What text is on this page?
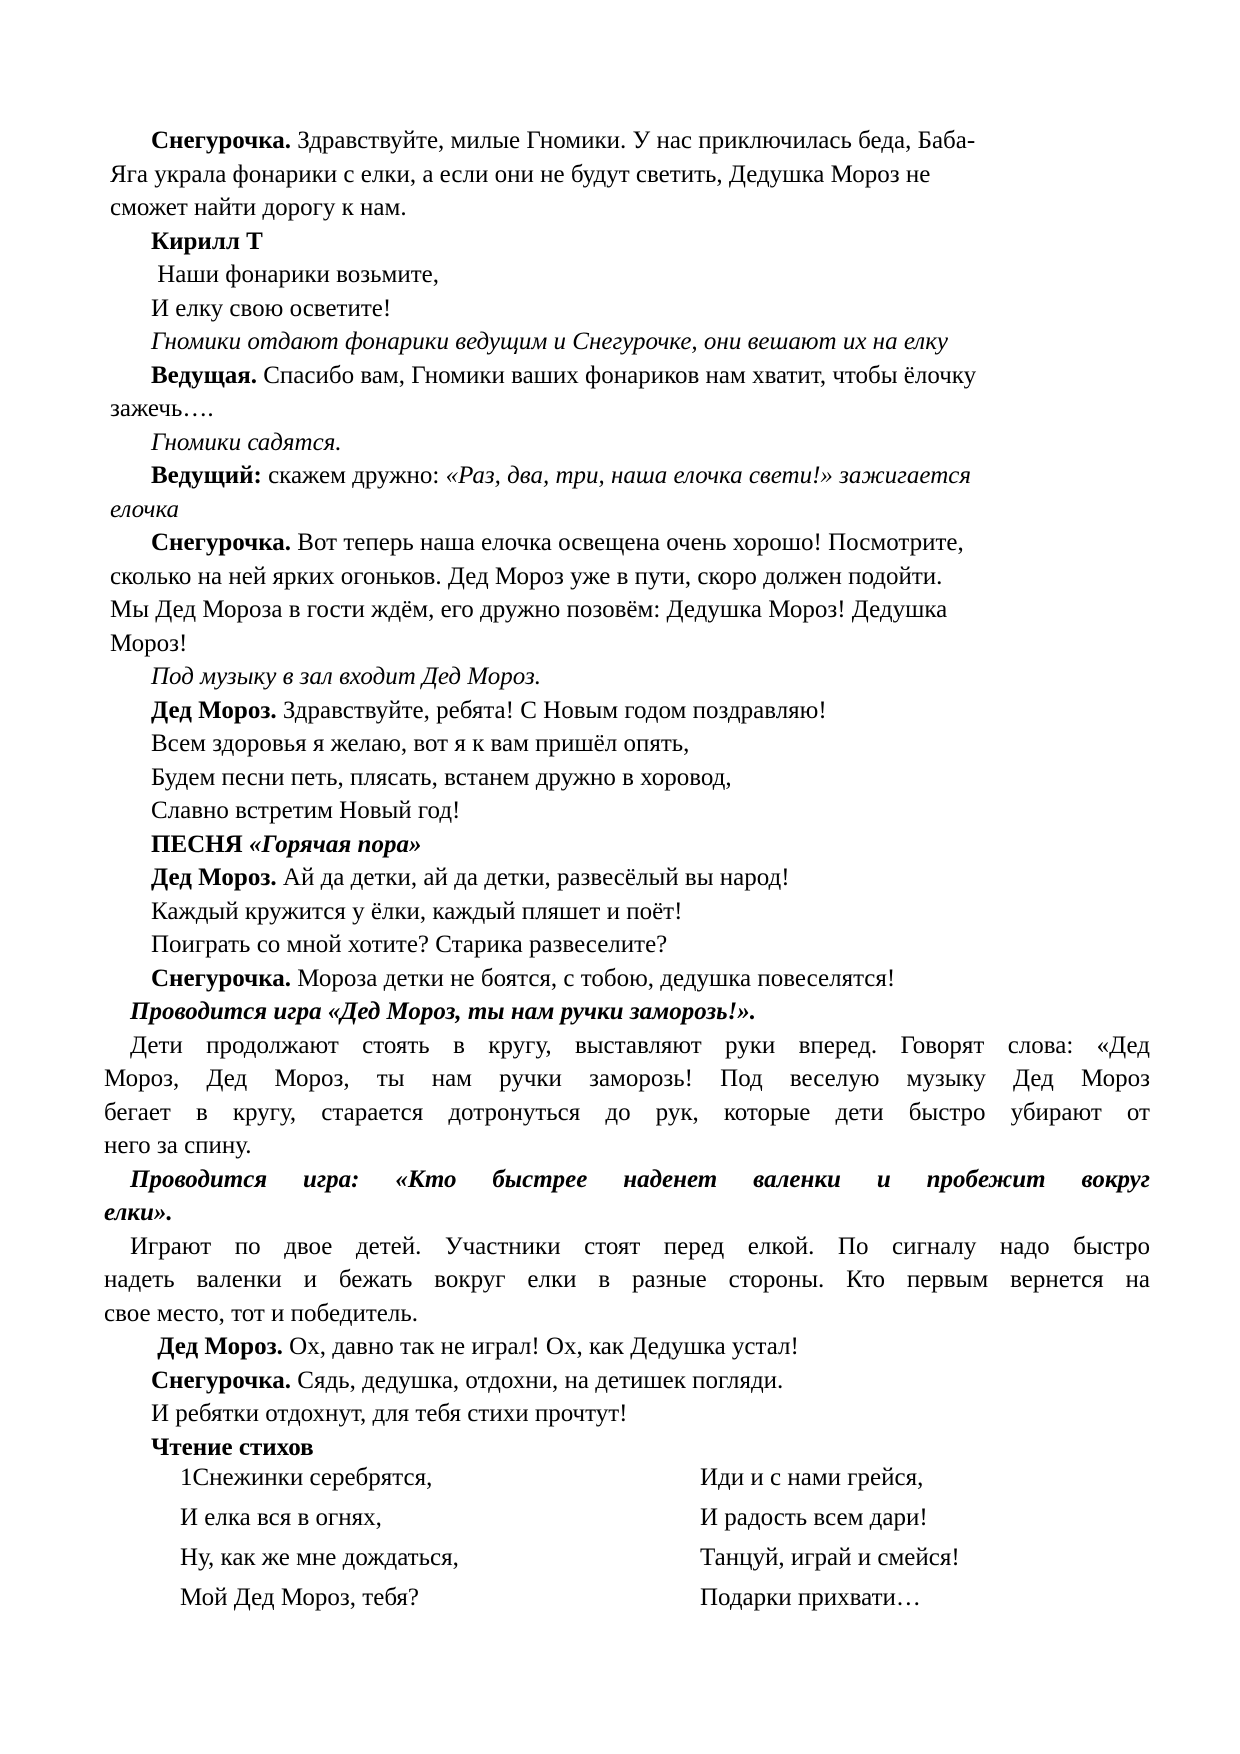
Снегурочка. Здравствуйте, милые Гномики. У нас приключилась беда, Баба-

Яга украла фонарики с елки, а если они не будут светить, Дедушка Мороз не

сможет найти дорогу к нам.

Кирилл Т

Наши фонарики возьмите,

И елку свою осветите!

Гномики отдают фонарики ведущим и Снегурочке, они вешают их на елку

Ведущая. Спасибо вам, Гномики ваших фонариков нам хватит, чтобы ёлочку

зажечь….

Гномики садятся.

Ведущий: скажем дружно: «Раз, два, три, наша елочка свети!» зажигается

елочка

Снегурочка. Вот теперь наша елочка освещена очень хорошо! Посмотрите,

сколько на ней ярких огоньков. Дед Мороз уже в пути, скоро должен подойти.

Мы Дед Мороза в гости ждём, его дружно позовём: Дедушка Мороз! Дедушка

Мороз!

Под музыку в зал входит Дед Мороз.

Дед Мороз. Здравствуйте, ребята! С Новым годом поздравляю!

Всем здоровья я желаю, вот я к вам пришёл опять,

Будем песни петь, плясать, встанем дружно в хоровод,

Славно встретим Новый год!

ПЕСНЯ «Горячая пора»

Дед Мороз. Ай да детки, ай да детки, развесёлый вы народ!

Каждый кружится у ёлки, каждый пляшет и поёт!

Поиграть со мной хотите? Старика развеселите?

Снегурочка. Мороза детки не боятся, с тобою, дедушка повеселятся!

Проводится игра «Дед Мороз, ты нам ручки заморозь!».

Дети продолжают стоять в кругу, выставляют руки вперед. Говорят слова: «Дед

Мороз, Дед Мороз, ты нам ручки заморозь! Под веселую музыку Дед Мороз

бегает в кругу, старается дотронуться до рук, которые дети быстро убирают от

него за спину.

Проводится игра: «Кто быстрее наденет валенки и пробежит вокруг

елки».

Играют по двое детей. Участники стоят перед елкой. По сигналу надо быстро

надеть валенки и бежать вокруг елки в разные стороны. Кто первым вернется на

свое место, тот и победитель.

Дед Мороз. Ох, давно так не играл! Ох, как Дедушка устал!

Снегурочка. Сядь, дедушка, отдохни, на детишек погляди.

И ребятки отдохнут, для тебя стихи прочтут!

Чтение стихов

1Снежинки серебрятся,	Иди и с нами грейся,
И елка вся в огнях,	И радость всем дари!
Ну, как же мне дождаться,	Танцуй, играй и смейся!
Мой Дед Мороз, тебя?	Подарки прихвати…
